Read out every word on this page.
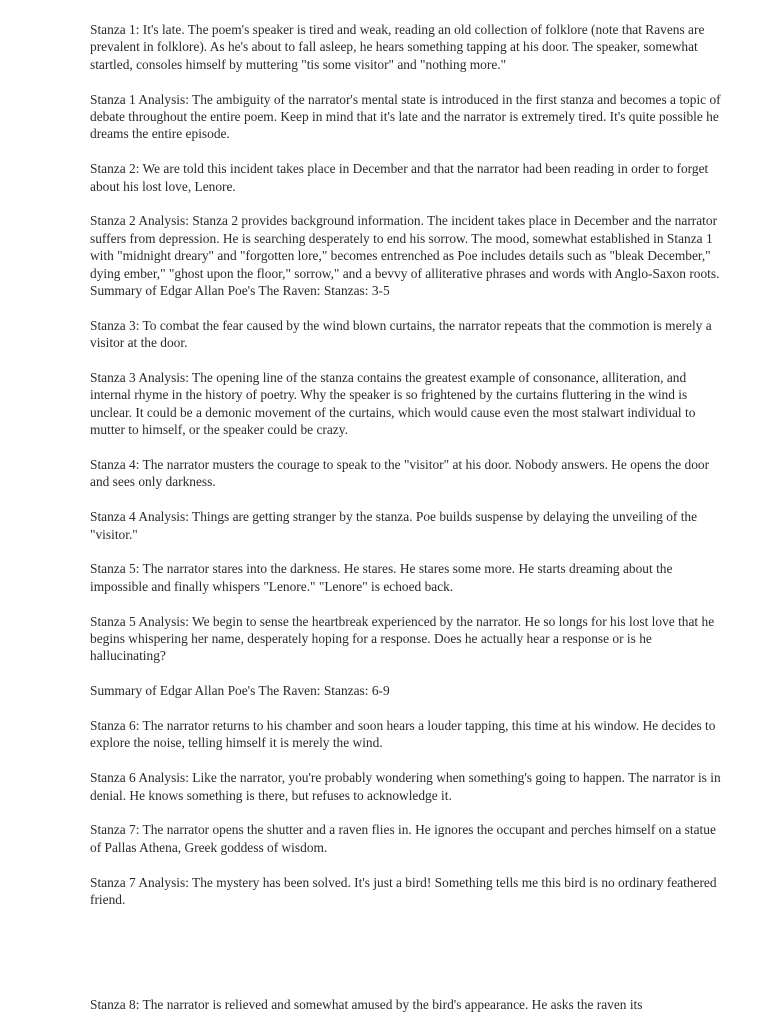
Stanza 1: It's late. The poem's speaker is tired and weak, reading an old collection of folklore (note that Ravens are prevalent in folklore). As he's about to fall asleep, he hears something tapping at his door. The speaker, somewhat startled, consoles himself by muttering "tis some visitor" and "nothing more."

Stanza 1 Analysis: The ambiguity of the narrator's mental state is introduced in the first stanza and becomes a topic of debate throughout the entire poem. Keep in mind that it's late and the narrator is extremely tired. It's quite possible he dreams the entire episode.

Stanza 2: We are told this incident takes place in December and that the narrator had been reading in order to forget about his lost love, Lenore.

Stanza 2 Analysis: Stanza 2 provides background information. The incident takes place in December and the narrator suffers from depression. He is searching desperately to end his sorrow. The mood, somewhat established in Stanza 1 with "midnight dreary" and "forgotten lore," becomes entrenched as Poe includes details such as "bleak December," dying ember," "ghost upon the floor," sorrow," and a bevvy of alliterative phrases and words with Anglo-Saxon roots.

Summary of Edgar Allan Poe's The Raven: Stanzas: 3-5

Stanza 3: To combat the fear caused by the wind blown curtains, the narrator repeats that the commotion is merely a visitor at the door.

Stanza 3 Analysis: The opening line of the stanza contains the greatest example of consonance, alliteration, and internal rhyme in the history of poetry. Why the speaker is so frightened by the curtains fluttering in the wind is unclear. It could be a demonic movement of the curtains, which would cause even the most stalwart individual to mutter to himself, or the speaker could be crazy.

Stanza 4: The narrator musters the courage to speak to the "visitor" at his door. Nobody answers. He opens the door and sees only darkness.

Stanza 4 Analysis: Things are getting stranger by the stanza. Poe builds suspense by delaying the unveiling of the "visitor."

Stanza 5: The narrator stares into the darkness. He stares. He stares some more. He starts dreaming about the impossible and finally whispers "Lenore." "Lenore" is echoed back.

Stanza 5 Analysis: We begin to sense the heartbreak experienced by the narrator. He so longs for his lost love that he begins whispering her name, desperately hoping for a response. Does he actually hear a response or is he hallucinating?

Summary of Edgar Allan Poe's The Raven: Stanzas: 6-9

Stanza 6: The narrator returns to his chamber and soon hears a louder tapping, this time at his window. He decides to explore the noise, telling himself it is merely the wind.

Stanza 6 Analysis: Like the narrator, you're probably wondering when something's going to happen. The narrator is in denial. He knows something is there, but refuses to acknowledge it.

Stanza 7: The narrator opens the shutter and a raven flies in. He ignores the occupant and perches himself on a statue of Pallas Athena, Greek goddess of wisdom.

Stanza 7 Analysis: The mystery has been solved. It's just a bird! Something tells me this bird is no ordinary feathered friend.

Stanza 8: The narrator is relieved and somewhat amused by the bird's appearance. He asks the raven its
